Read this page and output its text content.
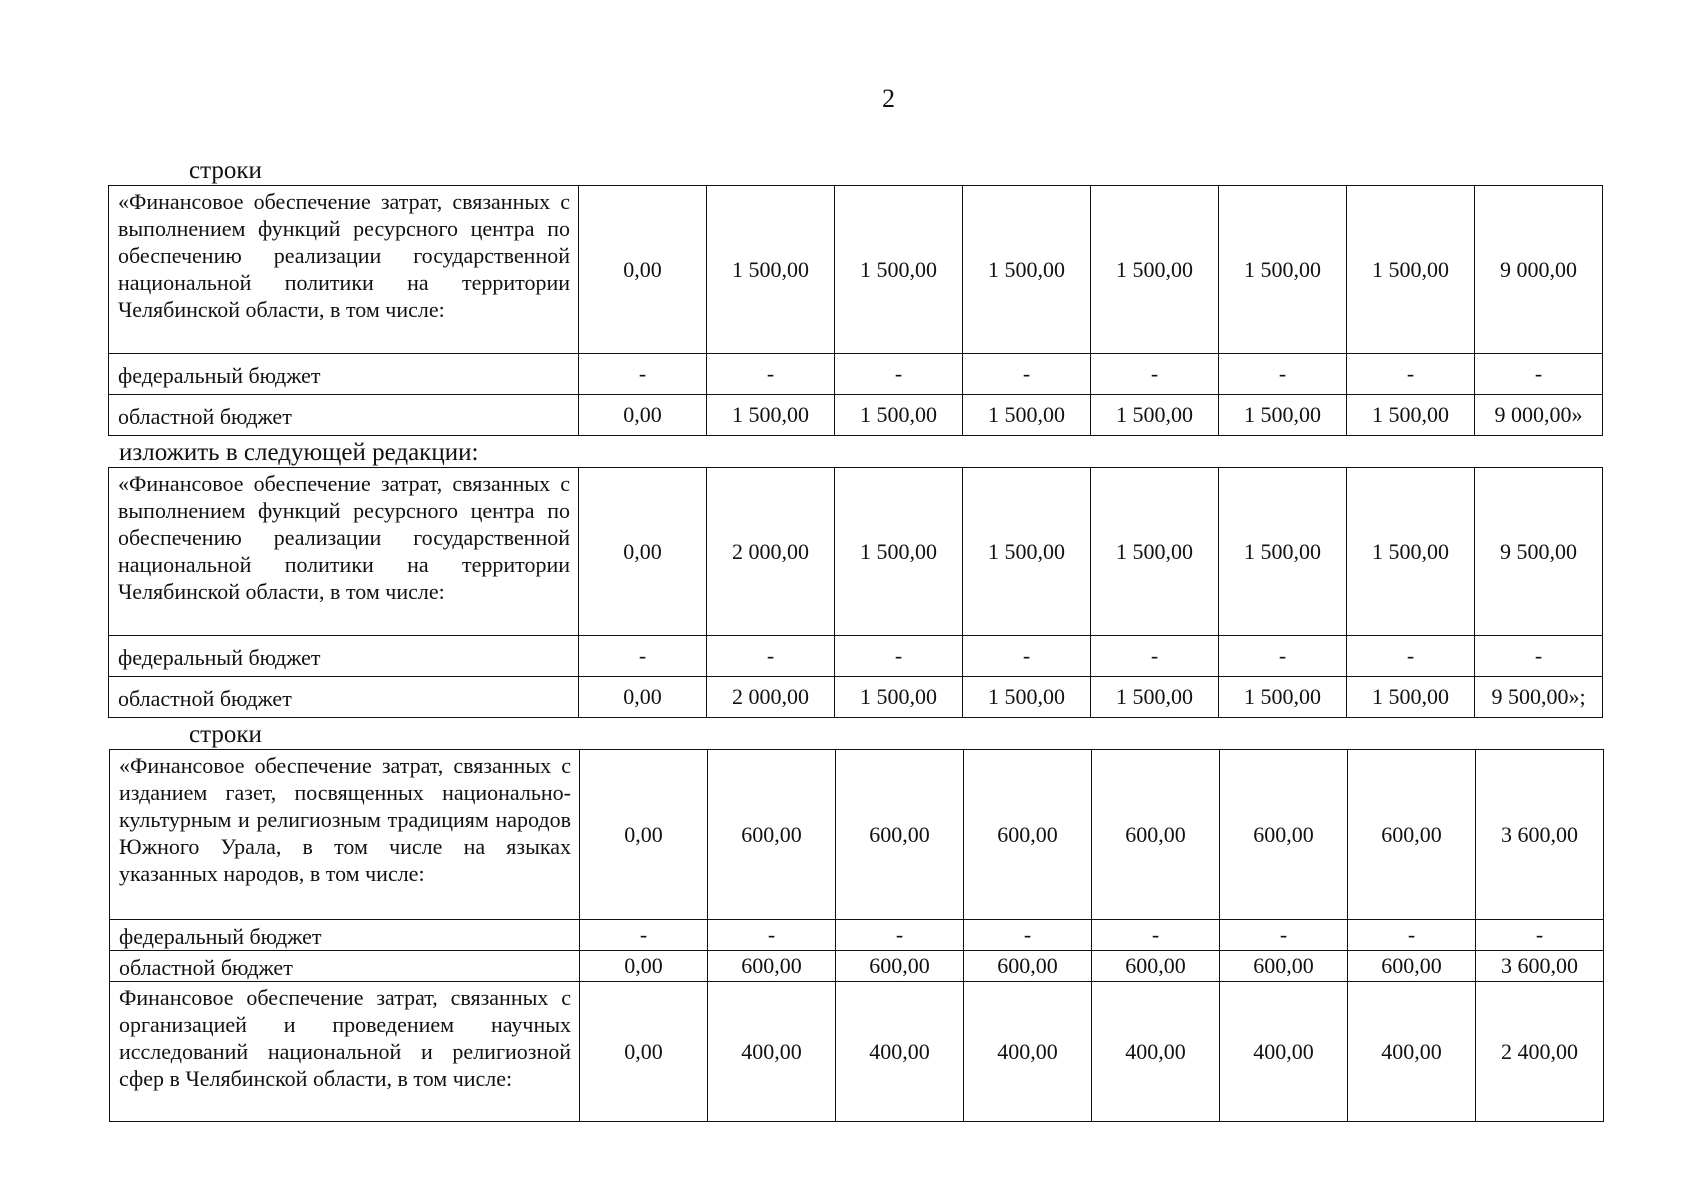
2
строки
«Финансовое обеспечение затрат, связанных с выполнением функций ресурсного центра по обеспечению реализации государственной национальной политики на территории Челябинской области, в том числе:	0,00	1 500,00	1 500,00	1 500,00	1 500,00	1 500,00	1 500,00	9 000,00
федеральный бюджет	-	-	-	-	-	-	-	-
областной бюджет	0,00	1 500,00	1 500,00	1 500,00	1 500,00	1 500,00	1 500,00	9 000,00»
изложить в следующей редакции:
«Финансовое обеспечение затрат, связанных с выполнением функций ресурсного центра по обеспечению реализации государственной национальной политики на территории Челябинской области, в том числе:	0,00	2 000,00	1 500,00	1 500,00	1 500,00	1 500,00	1 500,00	9 500,00
федеральный бюджет	-	-	-	-	-	-	-	-
областной бюджет	0,00	2 000,00	1 500,00	1 500,00	1 500,00	1 500,00	1 500,00	9 500,00»;
строки
«Финансовое обеспечение затрат, связанных с изданием газет, посвященных национально-культурным и религиозным традициям народов Южного Урала, в том числе на языках указанных народов, в том числе:	0,00	600,00	600,00	600,00	600,00	600,00	600,00	3 600,00
федеральный бюджет	-	-	-	-	-	-	-	-
областной бюджет	0,00	600,00	600,00	600,00	600,00	600,00	600,00	3 600,00
Финансовое обеспечение затрат, связанных с организацией и проведением научных исследований национальной и религиозной сфер в Челябинской области, в том числе:	0,00	400,00	400,00	400,00	400,00	400,00	400,00	2 400,00
